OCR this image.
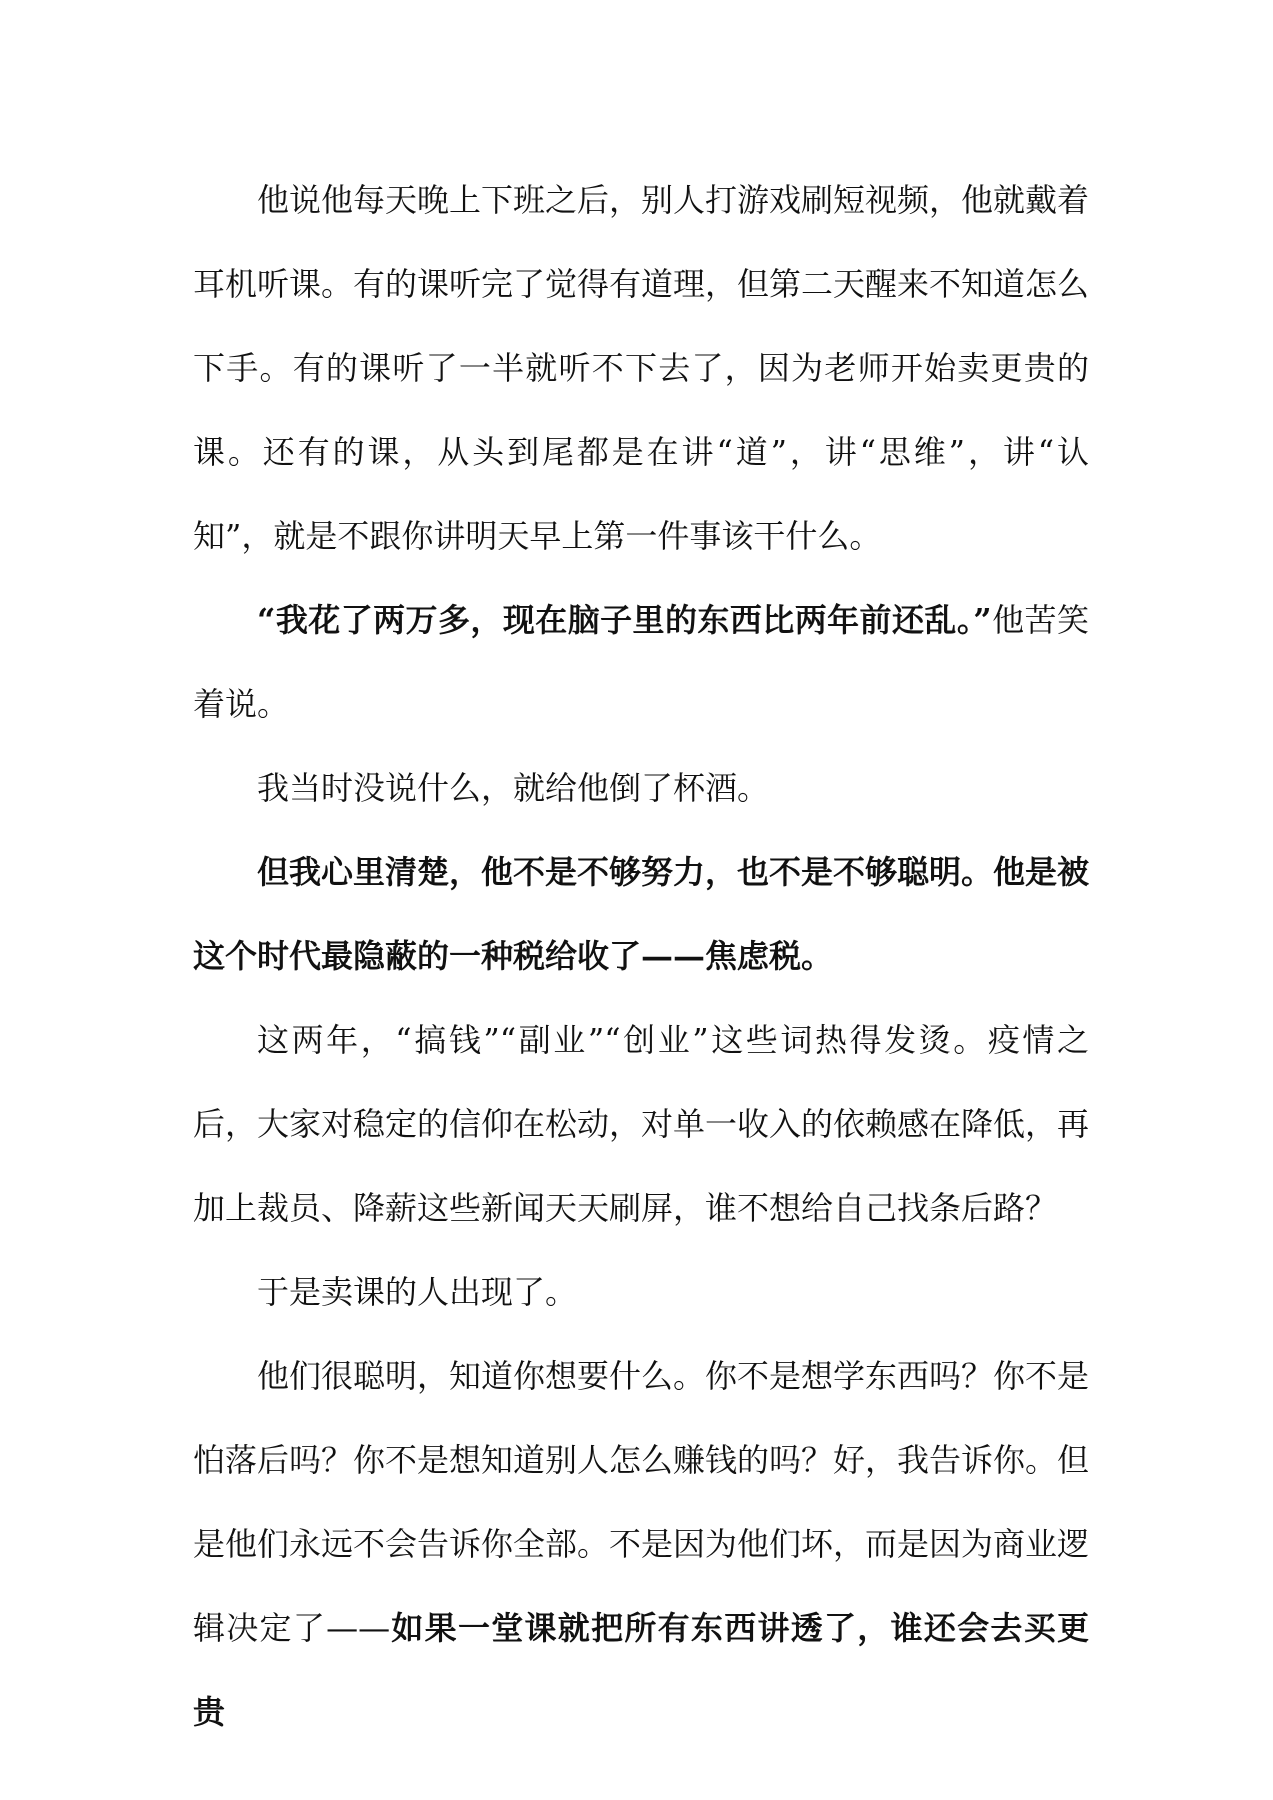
他说他每天晚上下班之后，别人打游戏刷短视频，他就戴着耳机听课。有的课听完了觉得有道理，但第二天醒来不知道怎么下手。有的课听了一半就听不下去了，因为老师开始卖更贵的课。还有的课，从头到尾都是在讲“道”，讲“思维”，讲“认知”，就是不跟你讲明天早上第一件事该干什么。

“我花了两万多，现在脑子里的东西比两年前还乱。”他苦笑着说。

我当时没说什么，就给他倒了杯酒。

但我心里清楚，他不是不够努力，也不是不够聪明。他是被这个时代最隐蔽的一种税给收了——焦虑税。

这两年，“搞钱”“副业”“创业”这些词热得发烫。疫情之后，大家对稳定的信仰在松动，对单一收入的依赖感在降低，再加上裁员、降薪这些新闻天天刷屏，谁不想给自己找条后路？

于是卖课的人出现了。

他们很聪明，知道你想要什么。你不是想学东西吗？你不是怕落后吗？你不是想知道别人怎么赚钱的吗？好，我告诉你。但是他们永远不会告诉你全部。不是因为他们坏，而是因为商业逻辑决定了——如果一堂课就把所有东西讲透了，谁还会去买更贵
